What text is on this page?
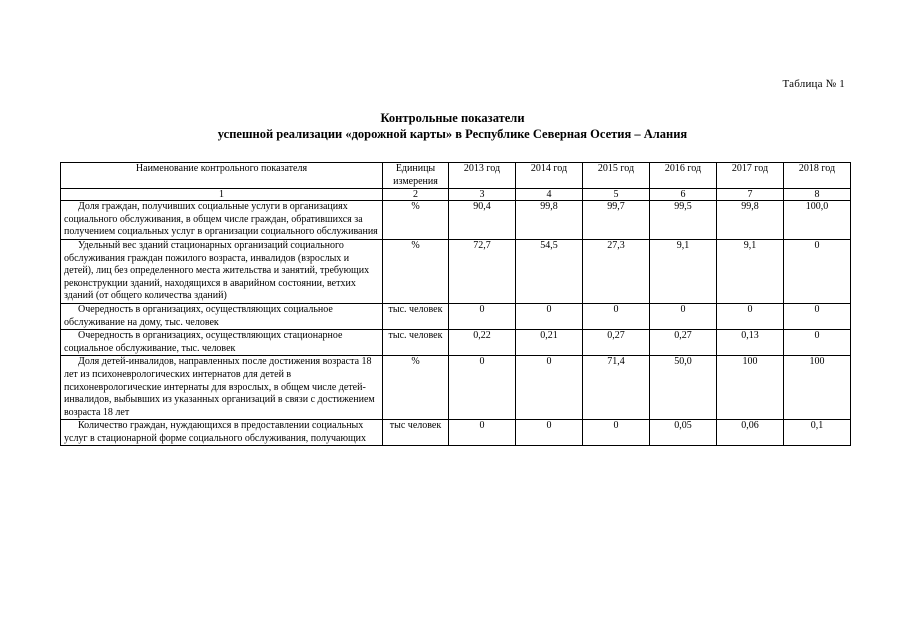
Таблица № 1
Контрольные показатели
успешной реализации «дорожной карты» в Республике Северная Осетия – Алания
Наименование контрольного показателя	Единицы измерения	2013 год	2014 год	2015 год	2016 год	2017 год	2018 год
1	2	3	4	5	6	7	8

Доля граждан, получивших социальные услуги в организациях социального обслуживания, в общем числе граждан, обратившихся за получением социальных услуг в организации социального обслуживания	%	90,4	99,8	99,7	99,5	99,8	100,0

Удельный вес зданий стационарных организаций социального обслуживания граждан пожилого возраста, инвалидов (взрослых и детей), лиц без определенного места жительства и занятий, требующих реконструкции зданий, находящихся в аварийном состоянии, ветхих зданий (от общего количества зданий)	%	72,7	54,5	27,3	9,1	9,1	0

Очередность в организациях, осуществляющих социальное обслуживание на дому, тыс. человек	тыс. человек	0	0	0	0	0	0

Очередность в организациях, осуществляющих стационарное социальное обслуживание, тыс. человек	тыс. человек	0,22	0,21	0,27	0,27	0,13	0

Доля детей-инвалидов, направленных после достижения возраста 18 лет из психоневрологических интернатов для детей в психоневрологические интернаты для взрослых, в общем числе детей-инвалидов, выбывших из указанных организаций в связи с достижением возраста 18 лет	%	0	0	71,4	50,0	100	100

Количество граждан, нуждающихся в предоставлении социальных услуг в стационарной форме социального обслуживания, получающих	тыс человек	0	0	0	0,05	0,06	0,1
